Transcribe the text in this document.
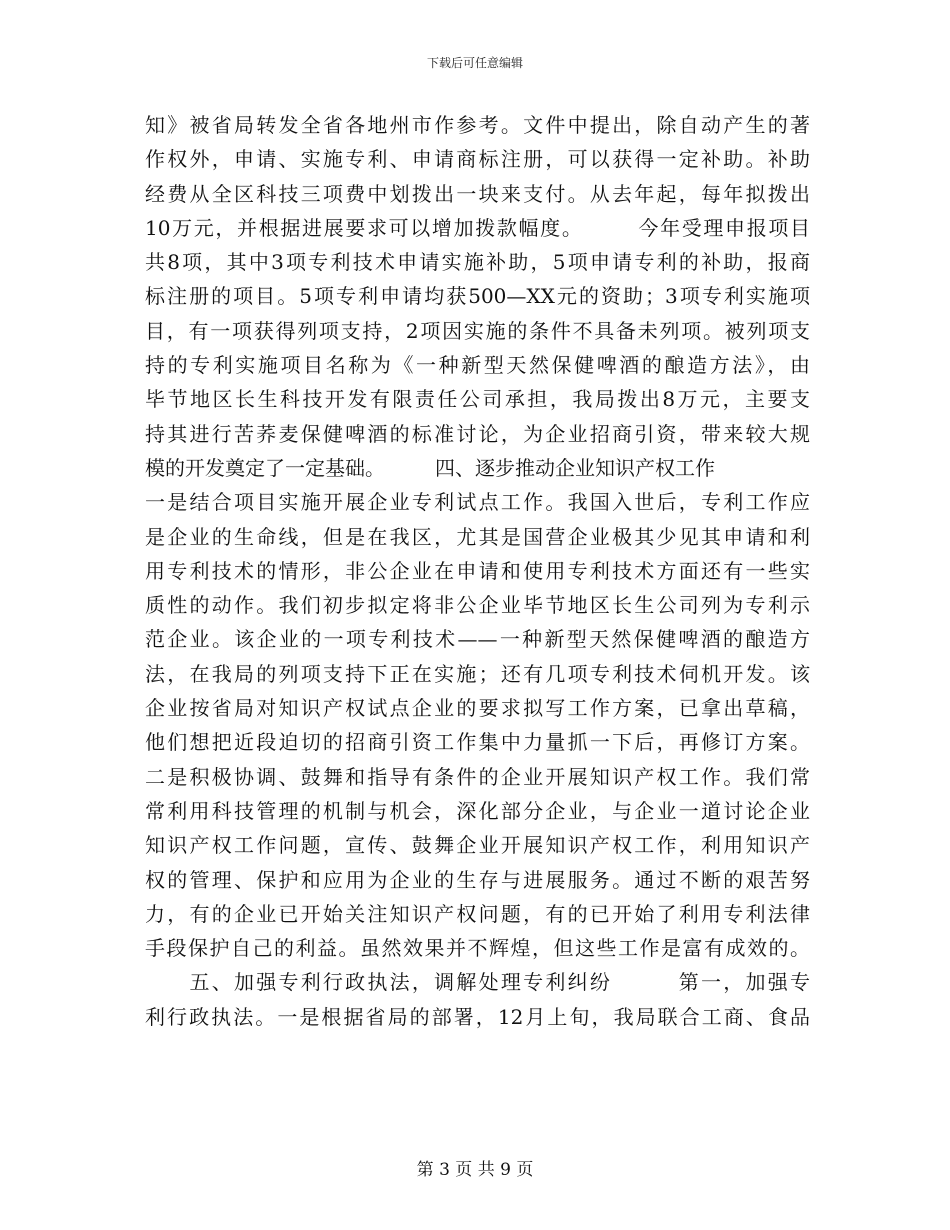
下载后可任意编辑
知》被省局转发全省各地州市作参考。文件中提出，除自动产生的著
作权外，申请、实施专利、申请商标注册，可以获得一定补助。补助
经费从全区科技三项费中划拨出一块来支付。从去年起，每年拟拨出
10万元，并根据进展要求可以增加拨款幅度。　　　今年受理申报项目
共8项，其中3项专利技术申请实施补助，5项申请专利的补助，报商
标注册的项目。5项专利申请均获500—XX元的资助；3项专利实施项
目，有一项获得列项支持，2项因实施的条件不具备未列项。被列项支
持的专利实施项目名称为《一种新型天然保健啤酒的酿造方法》，由
毕节地区长生科技开发有限责任公司承担，我局拨出8万元，主要支
持其进行苦荞麦保健啤酒的标准讨论，为企业招商引资，带来较大规
模的开发奠定了一定基础。　　　四、逐步推动企业知识产权工作
一是结合项目实施开展企业专利试点工作。我国入世后，专利工作应
是企业的生命线，但是在我区，尤其是国营企业极其少见其申请和利
用专利技术的情形，非公企业在申请和使用专利技术方面还有一些实
质性的动作。我们初步拟定将非公企业毕节地区长生公司列为专利示
范企业。该企业的一项专利技术——一种新型天然保健啤酒的酿造方
法，在我局的列项支持下正在实施；还有几项专利技术伺机开发。该
企业按省局对知识产权试点企业的要求拟写工作方案，已拿出草稿，
他们想把近段迫切的招商引资工作集中力量抓一下后，再修订方案。
二是积极协调、鼓舞和指导有条件的企业开展知识产权工作。我们常
常利用科技管理的机制与机会，深化部分企业，与企业一道讨论企业
知识产权工作问题，宣传、鼓舞企业开展知识产权工作，利用知识产
权的管理、保护和应用为企业的生存与进展服务。通过不断的艰苦努
力，有的企业已开始关注知识产权问题，有的已开始了利用专利法律
手段保护自己的利益。虽然效果并不辉煌，但这些工作是富有成效的。
　　五、加强专利行政执法，调解处理专利纠纷　　　第一，加强专
利行政执法。一是根据省局的部署，12月上旬，我局联合工商、食品
第 3 页 共 9 页
